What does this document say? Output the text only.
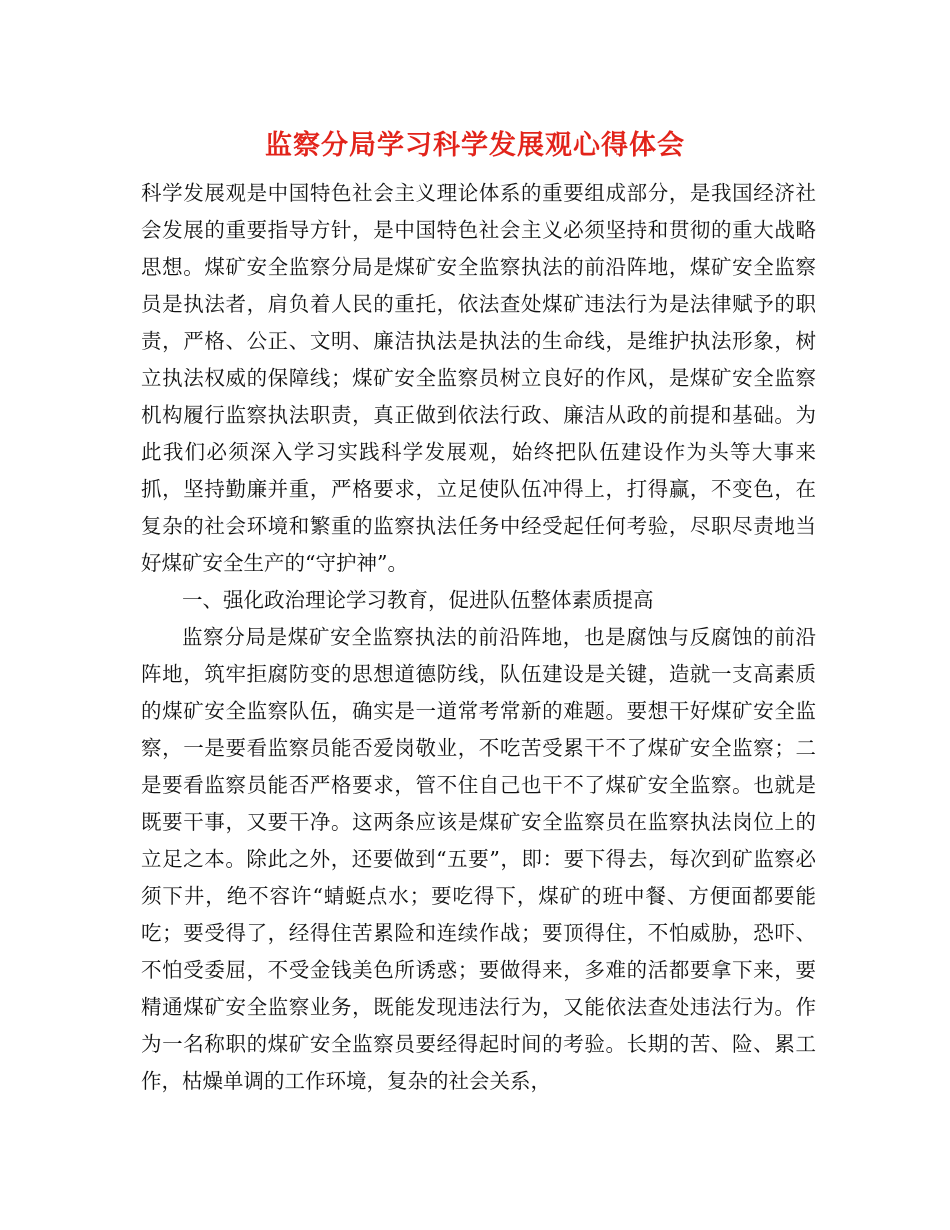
监察分局学习科学发展观心得体会

科学发展观是中国特色社会主义理论体系的重要组成部分，是我国经济社会发展的重要指导方针，是中国特色社会主义必须坚持和贯彻的重大战略思想。煤矿安全监察分局是煤矿安全监察执法的前沿阵地，煤矿安全监察员是执法者，肩负着人民的重托，依法查处煤矿违法行为是法律赋予的职责，严格、公正、文明、廉洁执法是执法的生命线，是维护执法形象，树立执法权威的保障线；煤矿安全监察员树立良好的作风，是煤矿安全监察机构履行监察执法职责，真正做到依法行政、廉洁从政的前提和基础。为此我们必须深入学习实践科学发展观，始终把队伍建设作为头等大事来抓，坚持勤廉并重，严格要求，立足使队伍冲得上，打得赢，不变色，在复杂的社会环境和繁重的监察执法任务中经受起任何考验，尽职尽责地当好煤矿安全生产的“守护神”。

一、强化政治理论学习教育，促进队伍整体素质提高

监察分局是煤矿安全监察执法的前沿阵地，也是腐蚀与反腐蚀的前沿阵地，筑牢拒腐防变的思想道德防线，队伍建设是关键，造就一支高素质的煤矿安全监察队伍，确实是一道常考常新的难题。要想干好煤矿安全监察，一是要看监察员能否爱岗敬业，不吃苦受累干不了煤矿安全监察；二是要看监察员能否严格要求，管不住自己也干不了煤矿安全监察。也就是既要干事，又要干净。这两条应该是煤矿安全监察员在监察执法岗位上的立足之本。除此之外，还要做到“五要”，即：要下得去，每次到矿监察必须下井，绝不容许“蜻蜓点水；要吃得下，煤矿的班中餐、方便面都要能吃；要受得了，经得住苦累险和连续作战；要顶得住，不怕威胁，恐吓、不怕受委屈，不受金钱美色所诱惑；要做得来，多难的活都要拿下来，要精通煤矿安全监察业务，既能发现违法行为，又能依法查处违法行为。作为一名称职的煤矿安全监察员要经得起时间的考验。长期的苦、险、累工作，枯燥单调的工作环境，复杂的社会关系，
